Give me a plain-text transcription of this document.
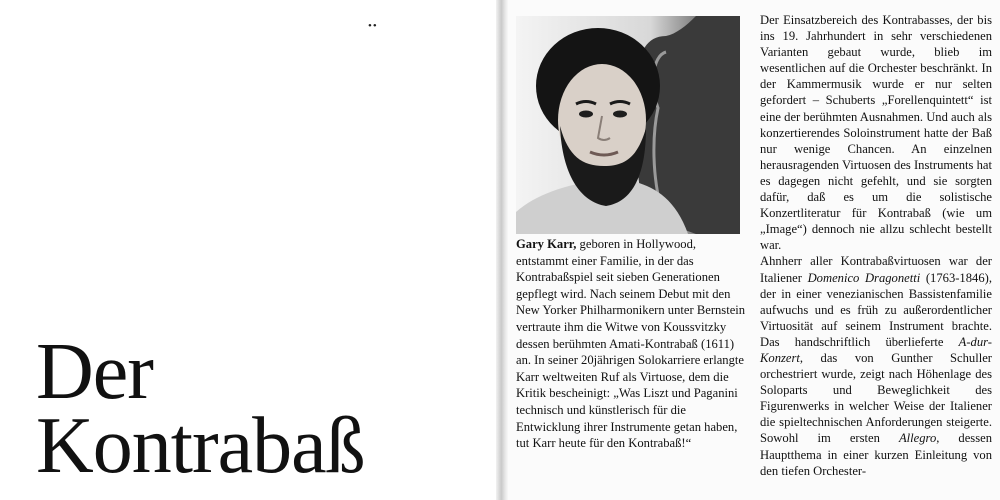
••
Der
Kontrabaß

Gary Karr, geboren in Hollywood, entstammt einer Familie, in der das Kontrabaßspiel seit sieben Generationen gepflegt wird. Nach seinem Debut mit den New Yorker Philharmonikern unter Bernstein vertraute ihm die Witwe von Koussvitzky dessen berühmten Amati-Kontrabaß (1611) an. In seiner 20jährigen Solokarriere erlangte Karr weltweiten Ruf als Virtuose, dem die Kritik bescheinigt: „Was Liszt und Paganini technisch und künstlerisch für die Entwicklung ihrer Instrumente getan haben, tut Karr heute für den Kontrabaß!“

Der Einsatzbereich des Kontrabasses, der bis ins 19. Jahrhundert in sehr verschiedenen Varianten gebaut wurde, blieb im wesentlichen auf die Orchester beschränkt. In der Kammermusik wurde er nur selten gefordert – Schuberts „Forellenquintett“ ist eine der berühmten Ausnahmen. Und auch als konzertierendes Soloinstrument hatte der Baß nur wenige Chancen. An einzelnen herausragenden Virtuosen des Instruments hat es dagegen nicht gefehlt, und sie sorgten dafür, daß es um die solistische Konzertliteratur für Kontrabaß (wie um „Image“) dennoch nie allzu schlecht bestellt war.

Ahnherr aller Kontrabaßvirtuosen war der Italiener Domenico Dragonetti (1763-1846), der in einer venezianischen Bassistenfamilie aufwuchs und es früh zu außerordentlicher Virtuosität auf seinem Instrument brachte. Das handschriftlich überlieferte A-dur-Konzert, das von Gunther Schuller orchestriert wurde, zeigt nach Höhenlage des Soloparts und Beweglichkeit des Figurenwerks in welcher Weise der Italiener die spieltechnischen Anforderungen steigerte. Sowohl im ersten Allegro, dessen Hauptthema in einer kurzen Einleitung von den tiefen Orchester-
